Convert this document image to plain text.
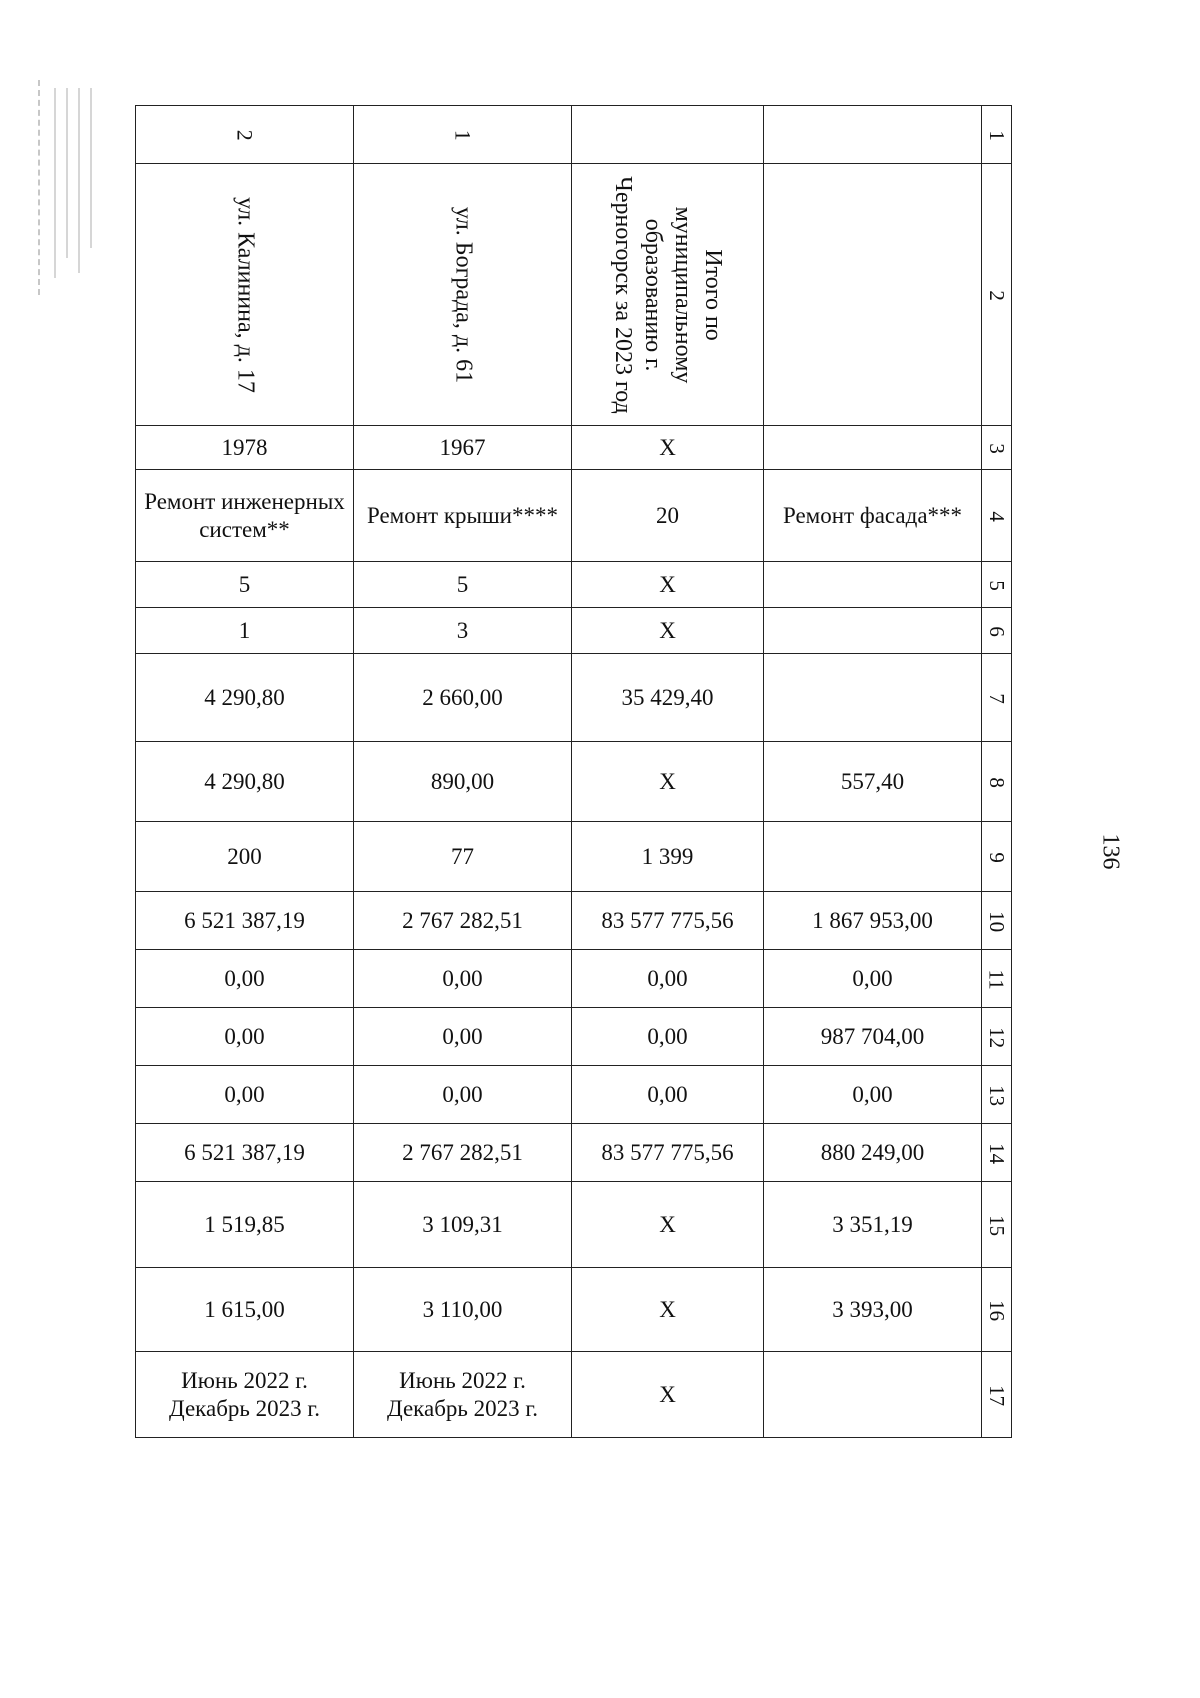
136
2	1			1

ул. Калинина, д. 17	ул. Бограда, д. 61	Итого по муниципальному образованию г. Черногорск за 2023 год		2

1978	1967	Х		3

Ремонт инженерных систем**	Ремонт крыши****	20	Ремонт фасада***	4

5	5	Х		5

1	3	Х		6

4 290,80	2 660,00	35 429,40		7

4 290,80	890,00	Х	557,40	8

200	77	1 399		9

6 521 387,19	2 767 282,51	83 577 775,56	1 867 953,00	10

0,00	0,00	0,00	0,00	11

0,00	0,00	0,00	987 704,00	12

0,00	0,00	0,00	0,00	13

6 521 387,19	2 767 282,51	83 577 775,56	880 249,00	14

1 519,85	3 109,31	Х	3 351,19	15

1 615,00	3 110,00	Х	3 393,00	16

Июнь 2022 г. Декабрь 2023 г.	Июнь 2022 г. Декабрь 2023 г.	Х		17
